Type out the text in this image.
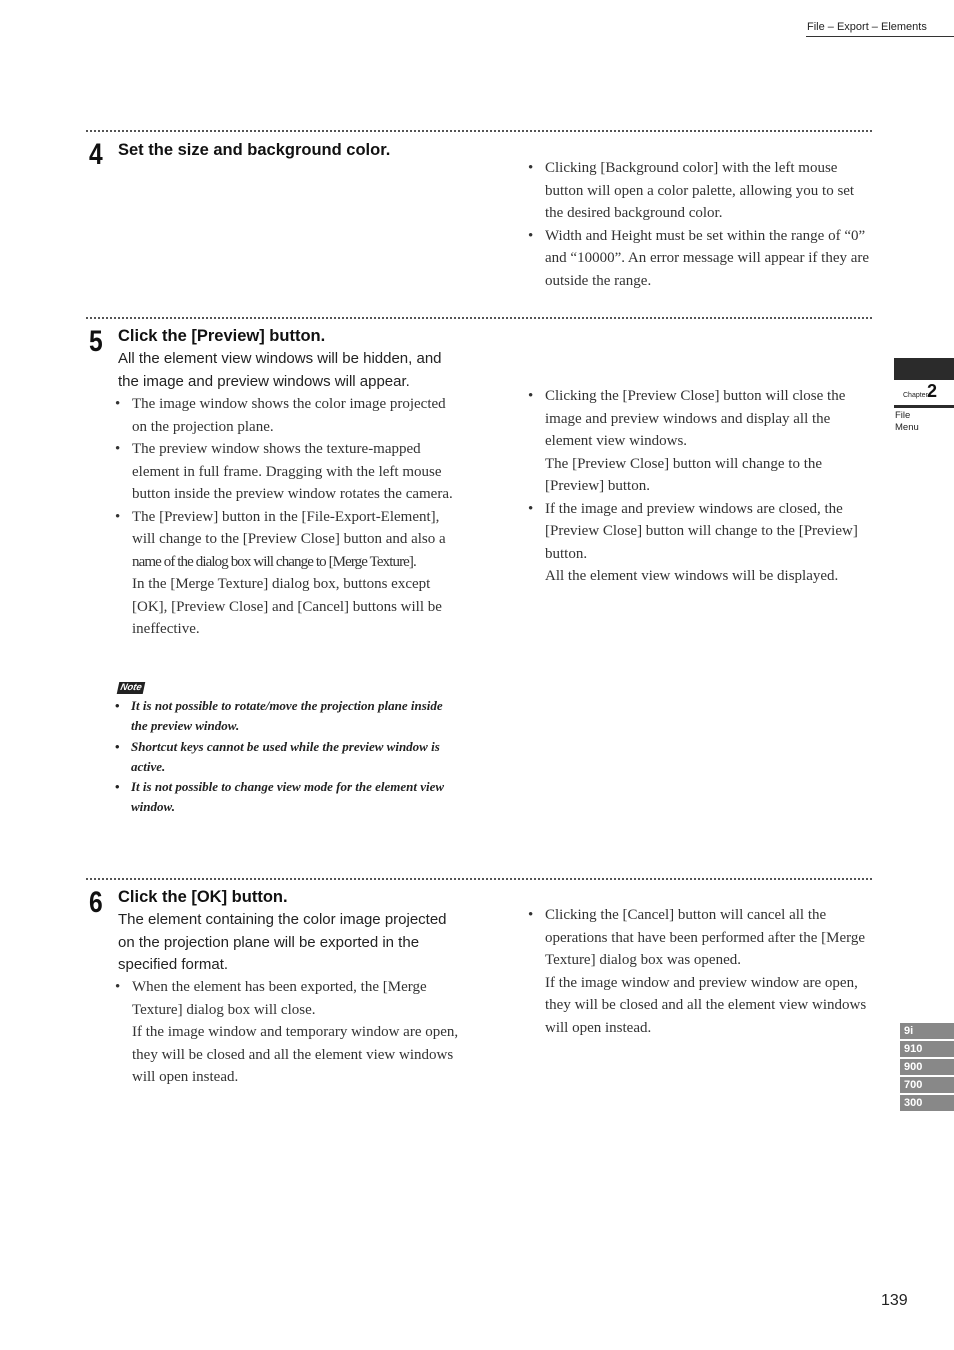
File – Export – Elements
4 Set the size and background color.
• Clicking [Background color] with the left mouse button will open a color palette, allowing you to set the desired background color.
• Width and Height must be set within the range of “0” and “10000”. An error message will appear if they are outside the range.
5 Click the [Preview] button.
All the element view windows will be hidden, and the image and preview windows will appear.
• The image window shows the color image projected on the projection plane.
• The preview window shows the texture-mapped element in full frame. Dragging with the left mouse button inside the preview window rotates the camera.
• The [Preview] button in the [File-Export-Element], will change to the [Preview Close] button and also a
name of the dialog box will change to [Merge Texture].
In the [Merge Texture] dialog box, buttons except [OK], [Preview Close] and [Cancel] buttons will be ineffective.
Note
• It is not possible to rotate/move the projection plane inside the preview window.
• Shortcut keys cannot be used while the preview window is active.
• It is not possible to change view mode for the element view window.
• Clicking the [Preview Close] button will close the image and preview windows and display all the element view windows.
The [Preview Close] button will change to the [Preview] button.
• If the image and preview windows are closed, the [Preview Close] button will change to the [Preview] button.
All the element view windows will be displayed.
6 Click the [OK] button.
The element containing the color image projected on the projection plane will be exported in the specified format.
• When the element has been exported, the [Merge Texture] dialog box will close.
If the image window and temporary window are open, they will be closed and all the element view windows will open instead.
• Clicking the [Cancel] button will cancel all the operations that have been performed after the [Merge Texture] dialog box was opened.
If the image window and preview window are open, they will be closed and all the element view windows will open instead.
Chapter 2
File
Menu
9i
910
900
700
300
139
